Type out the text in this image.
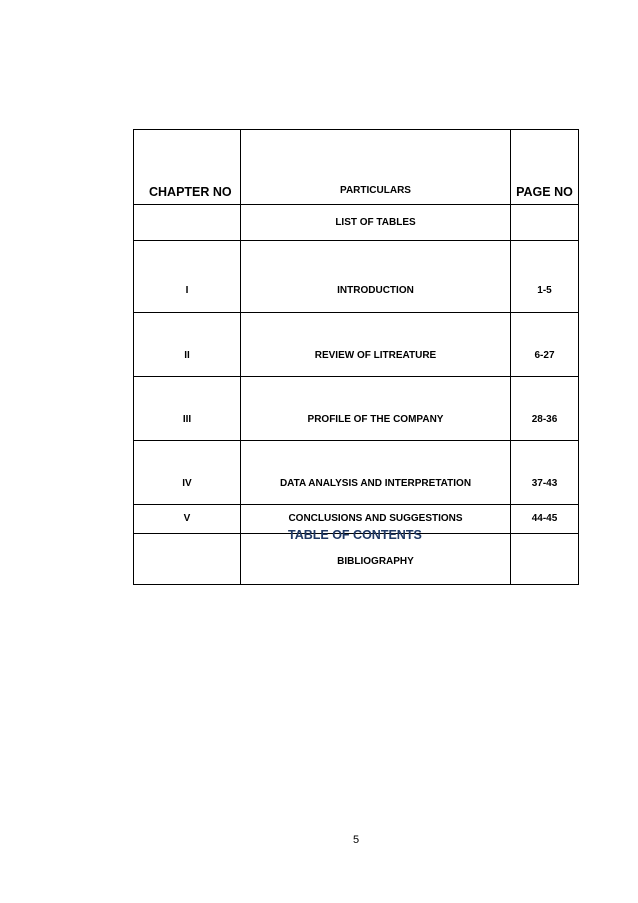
CHAPTER NO	PARTICULARS	PAGE NO
	LIST OF TABLES	
I	INTRODUCTION	1-5
II	REVIEW OF LITREATURE	6-27
III	PROFILE OF THE COMPANY	28-36
IV	DATA ANALYSIS AND INTERPRETATION	37-43
V	CONCLUSIONS AND SUGGESTIONS	44-45
	BIBLIOGRAPHY	

TABLE OF CONTENTS

5
